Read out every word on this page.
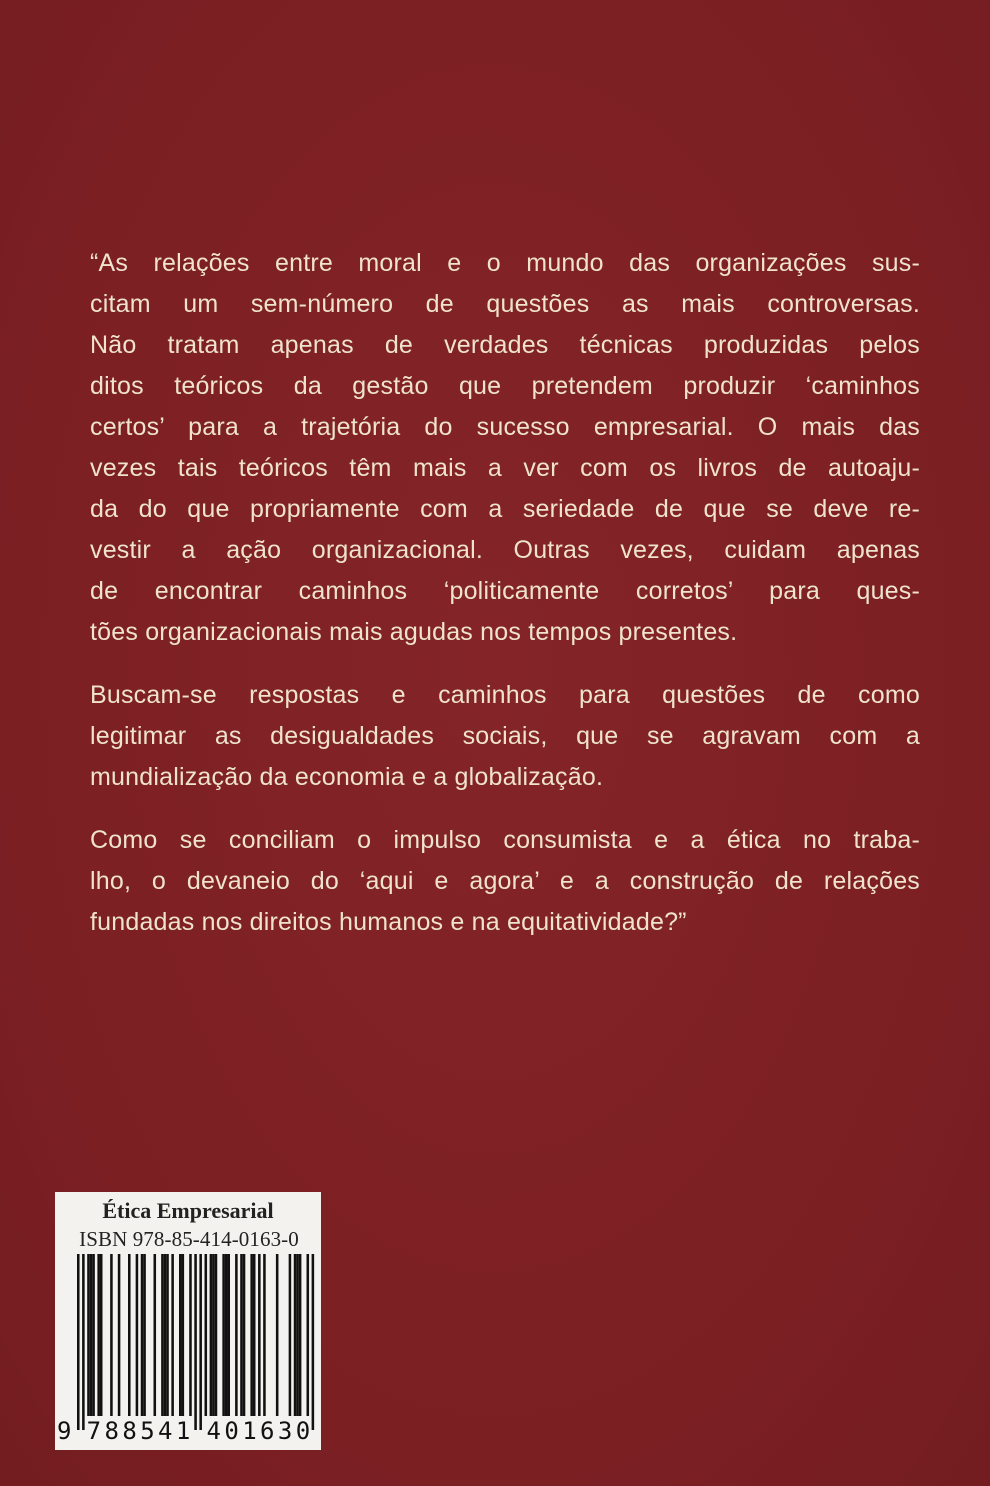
“As relações entre moral e o mundo das organizações sus-
citam um sem-número de questões as mais controversas.
Não tratam apenas de verdades técnicas produzidas pelos
ditos teóricos da gestão que pretendem produzir ‘caminhos
certos’ para a trajetória do sucesso empresarial. O mais das
vezes tais teóricos têm mais a ver com os livros de autoaju-
da do que propriamente com a seriedade de que se deve re-
vestir a ação organizacional. Outras vezes, cuidam apenas
de encontrar caminhos ‘politicamente corretos’ para ques-
tões organizacionais mais agudas nos tempos presentes.
Buscam-se respostas e caminhos para questões de como
legitimar as desigualdades sociais, que se agravam com a
mundialização da economia e a globalização.
Como se conciliam o impulso consumista e a ética no traba-
lho, o devaneio do ‘aqui e agora’ e a construção de relações
fundadas nos direitos humanos e na equitatividade?”
Ética Empresarial
ISBN 978-85-414-0163-0
9 7 8 8 5 4 1 4 0 1 6 3 0
